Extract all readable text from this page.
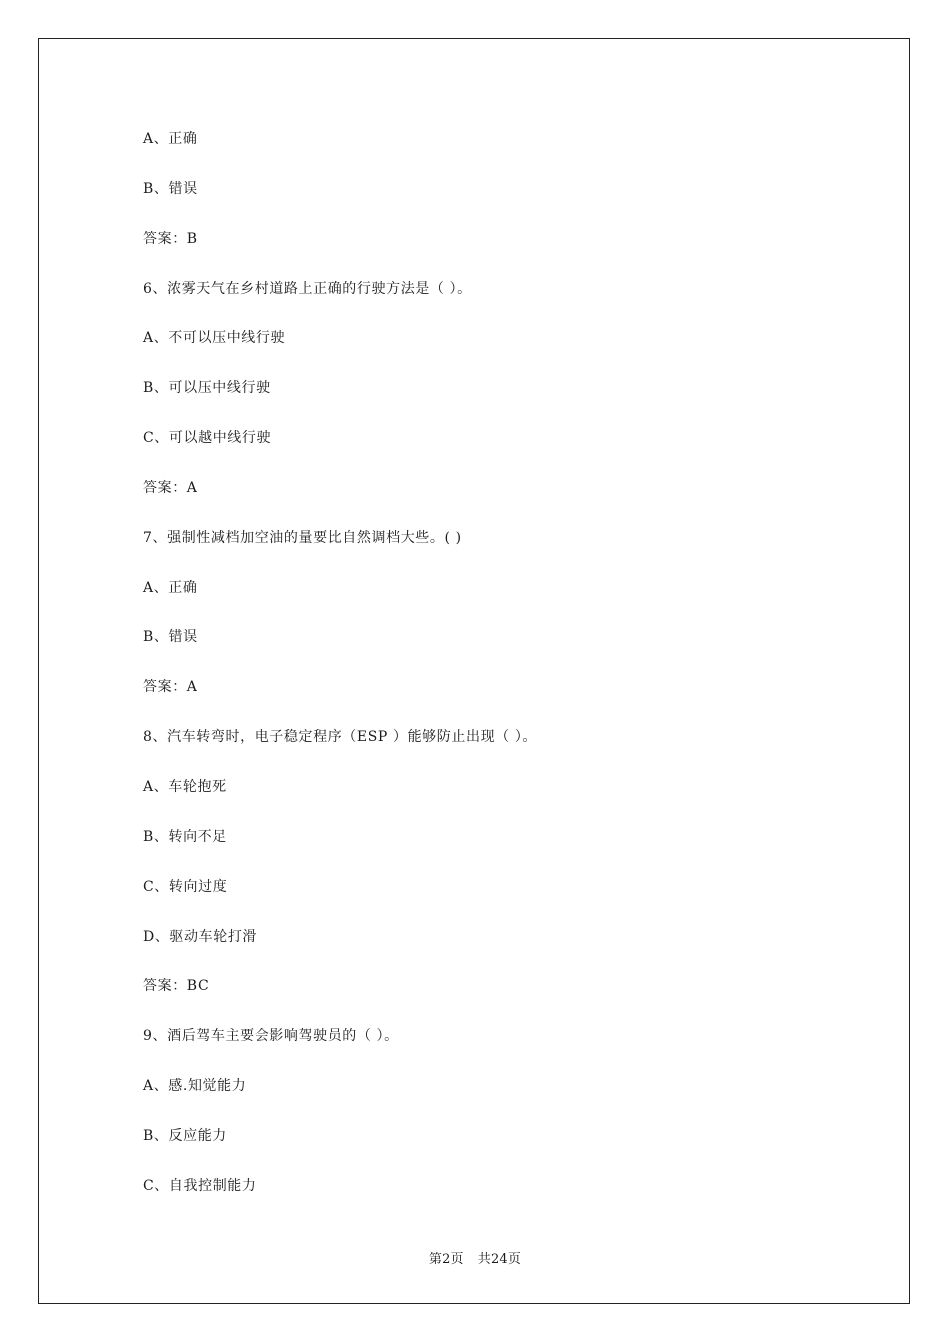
A、正确
B、错误
答案：B
6、浓雾天气在乡村道路上正确的行驶方法是（ ）。
A、不可以压中线行驶
B、可以压中线行驶
C、可以越中线行驶
答案：A
7、强制性减档加空油的量要比自然调档大些。( )
A、正确
B、错误
答案：A
8、汽车转弯时，电子稳定程序（ESP ）能够防止出现（ ）。
A、车轮抱死
B、转向不足
C、转向过度
D、驱动车轮打滑
答案：BC
9、酒后驾车主要会影响驾驶员的（ ）。
A、感.知觉能力
B、反应能力
C、自我控制能力
第2页 共24页
